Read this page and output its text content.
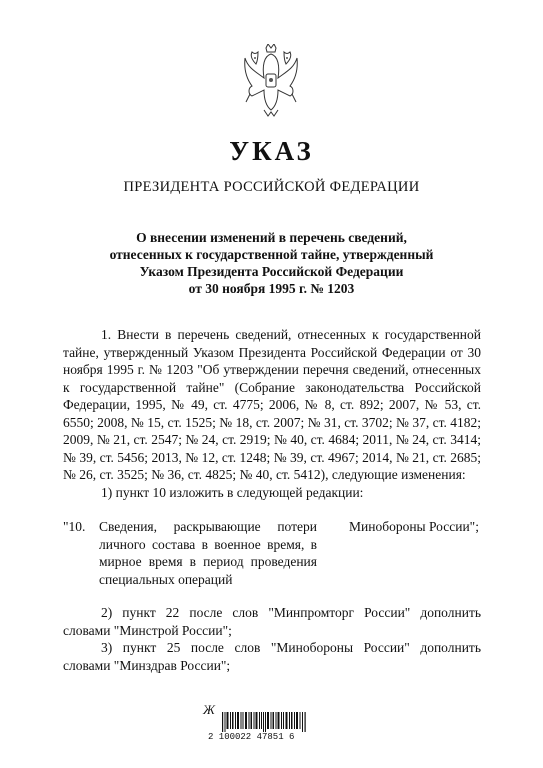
УКАЗ
ПРЕЗИДЕНТА РОССИЙСКОЙ ФЕДЕРАЦИИ
О внесении изменений в перечень сведений,
отнесенных к государственной тайне, утвержденный
Указом Президента Российской Федерации
от 30 ноября 1995 г. № 1203

1. Внести в перечень сведений, отнесенных к государственной тайне, утвержденный Указом Президента Российской Федерации от 30 ноября 1995 г. № 1203 "Об утверждении перечня сведений, отнесенных к государственной тайне" (Собрание законодательства Российской Федерации, 1995, № 49, ст. 4775; 2006, № 8, ст. 892; 2007, № 53, ст. 6550; 2008, № 15, ст. 1525; № 18, ст. 2007; № 31, ст. 3702; № 37, ст. 4182; 2009, № 21, ст. 2547; № 24, ст. 2919; № 40, ст. 4684; 2011, № 24, ст. 3414; № 39, ст. 5456; 2013, № 12, ст. 1248; № 39, ст. 4967; 2014, № 21, ст. 2685; № 26, ст. 3525; № 36, ст. 4825; № 40, ст. 5412), следующие изменения:

1) пункт 10 изложить в следующей редакции:

"10. Сведения, раскрывающие потери личного состава в военное время, в мирное время в период проведения специальных операций
Минобороны России";

2) пункт 22 после слов "Минпромторг России" дополнить словами "Минстрой России";

3) пункт 25 после слов "Минобороны России" дополнить словами "Минздрав России";

Ж
2 100022 47851 6
